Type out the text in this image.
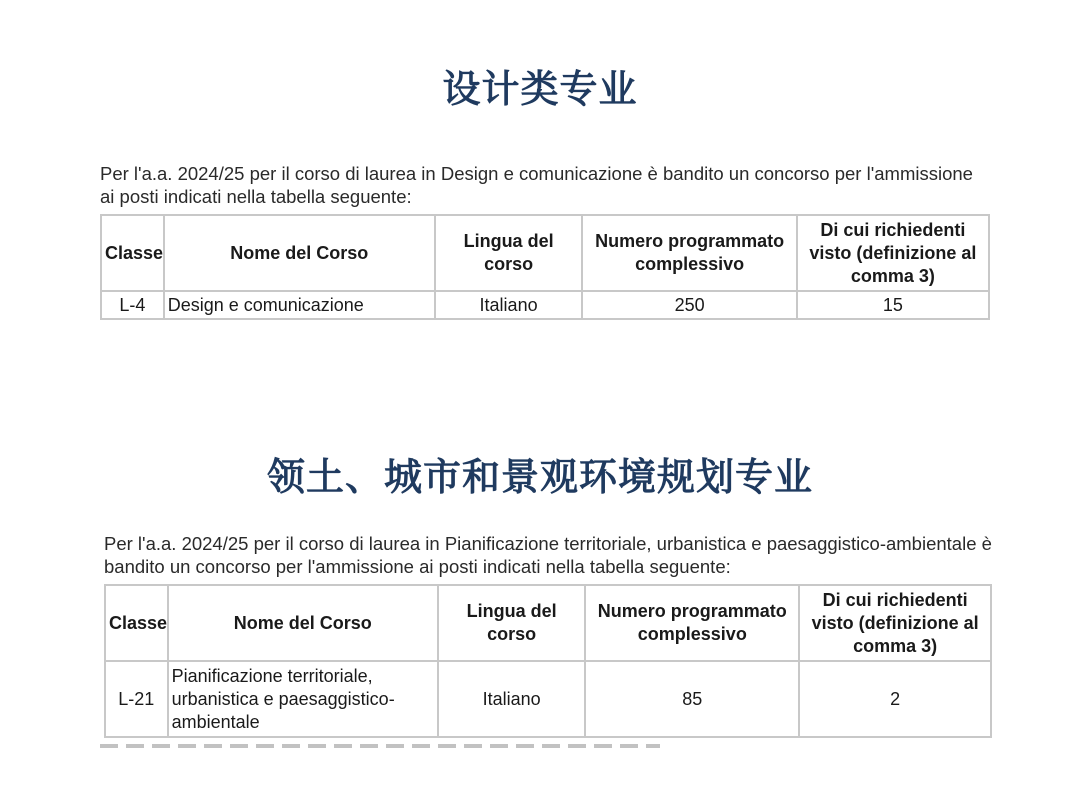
设计类专业

Per l'a.a. 2024/25 per il corso di laurea in Design e comunicazione è bandito un concorso per l'ammissione ai posti indicati nella tabella seguente:

Classe	Nome del Corso	Lingua del corso	Numero programmato complessivo	Di cui richiedenti visto (definizione al comma 3)
L-4	Design e comunicazione	Italiano	250	15
领土、城市和景观环境规划专业

Per l'a.a. 2024/25 per il corso di laurea in Pianificazione territoriale, urbanistica e paesaggistico-ambientale è bandito un concorso per l'ammissione ai posti indicati nella tabella seguente:

Classe	Nome del Corso	Lingua del corso	Numero programmato complessivo	Di cui richiedenti visto (definizione al comma 3)
L-21	Pianificazione territoriale, urbanistica e paesaggistico-ambientale	Italiano	85	2
